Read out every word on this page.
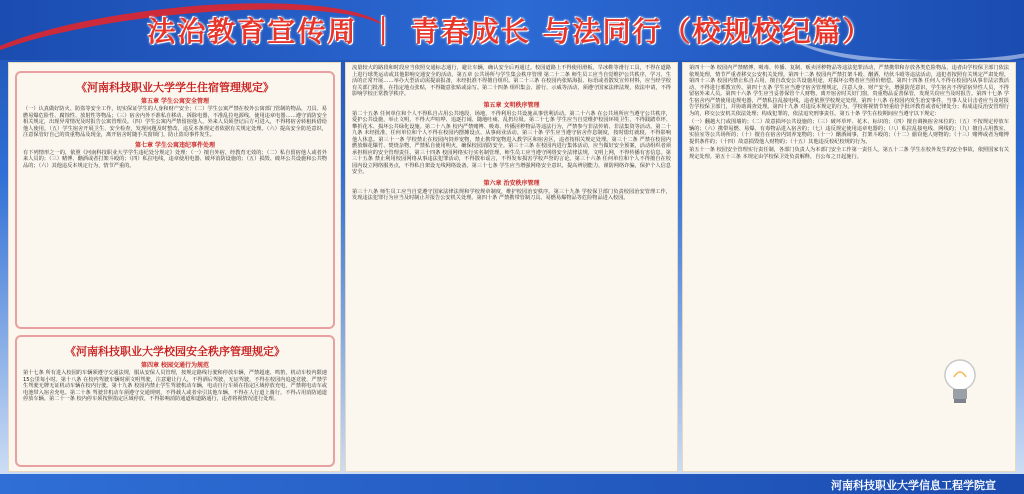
法治教育宣传周 ｜ 青春成长 与法同行（校规校纪篇）
《河南科技职业大学学生住宿管理规定》
第五章 学生公寓安全管理
（一）认真做好防火、防盗等安全工作，切实保证学生的人身和财产安全；（二）学生公寓严禁在校外公寓部门管制的物品，刀具、易燃易爆危险性、腐蚀性、放射性等物品；（三）宿舍内外不准私自移动、拆除电器，不准乱拉电源线，使用违章电器……遵守消防安全相关规定，出现异常情况及时报告公寓管理员。（四）学生公寓内严禁留宿他人，外来人员须登记后方可进入，不得将宿舍转租转借给他人使用。（五）学生宿舍开展卫生、安全检查，发现问题及时整改，违反本条规定者依据有关规定处理。（六）提高安全防范意识，注意保管好自己的贵重物品及现金，离开宿舍时随手关窗锁门，防止盗窃事件发生。
第七章 学生公寓违纪事件处理
有下列情形之一的，依照《河南科技职业大学学生违纪处分规定》处理：（一）擅自外宿，经教育无效的；（二）私自留宿他人或者外来人员的；（三）赌博、酗酒或者打架斗殴的；（四）私拉电线，违章使用电器、破坏消防设施的；（五）损毁、破坏公共设施和公共物品的；（六）其他违反本规定行为，情节严重的。
《河南科技职业大学校园安全秩序管理规定》
第四章 校园交通行为规范
第十七条 所有进入校园的车辆须遵守交通法规，服从安保人员管理，按规定路线行驶和停放车辆，严禁超速、鸣笛，机动车校内限速15公里每小时。第十八条 在校内驾驶车辆时须文明驾驶，注意避让行人，不得酒后驾驶、无证驾驶，不得在校园内追逐竞驶，严禁学生驾驶无牌无证机动车辆在校内行驶。第十九条 校园内禁止学生驾驶机动车辆，电动自行车须在指定区域停放充电，严禁将电动车或电池带入宿舍充电。第二十条 驾驶非机动车须遵守交通规则，不得载人或者牵引其他车辆，不得在人行道上骑行，不得占用消防通道停放车辆。第二十一条 校内停车须按照指定区域停放，不得影响消防通道和道路通行，违者将视情况进行处理。
流量较大的路段和时段应当依照交通标志通行，避让车辆，确认安全后再通过。校园道路上不得使用滑板、旱冰鞋等滑行工具，不得在道路上进行球类运动或其他影响交通安全的活动。第五章 公共场所与学生集会秩序管理 第二十二条 师生员工应当自觉维护公共秩序，学习、生活的正常开展……举办大型活动需提前报备，未经批准不得擅自组织。第二十三条 在校园内张贴海报、标语或者散发宣传材料，应当经学校有关部门批准，在指定地点张贴，不得随意张贴或涂写。第二十四条 组织集会、游行、示威等活动，须遵守国家法律法规，依法申请，不得影响学校正常教学秩序。
第五章 文明秩序管理
第二十五条 任何单位和个人不得私自占用公共地段、场地，不得利用公共设施从事营利活动。第二十六条 在公共场所应当遵守公共秩序，爱护公共设施，举止文明，不得大声喧哗、追逐打闹、随地吐痰、乱扔垃圾。第二十七条 学生应当自觉维护校园环境卫生，不得践踏草坪、攀折花木、损坏公共绿化设施。第二十八条 校内严禁赌博、吸毒、传播淫秽物品等违法行为，严禁参与非法传销、非法集资等活动。第二十九条 未经批准，任何单位和个人不得在校园内摆摊设点、从事商业活动。第三十条 学生应当遵守宿舍作息制度，按时熄灯就寝，不得影响他人休息。第三十一条 学校禁止在校园内饲养宠物，禁止携带宠物进入教学区和宿舍区，违者按相关规定处理。第三十二条 严禁在校园内燃放烟花爆竹、焚烧杂物，严禁私自使用明火，确保校园消防安全。第三十三条 在校园内进行集体活动，应当做好安全预案，活动组织者须承担相应的安全管理责任。第三十四条 校园网络实行实名制管理，师生员工应当遵守网络安全法律法规，文明上网，不得传播有害信息。第三十五条 禁止利用校园网络从事违法犯罪活动，不得散布谣言，不得发布损害学校声誉的言论。第三十六条 任何单位和个人不得擅自在校园内设立网络服务点，不得私自架设无线网络设备。第三十七条 学生应当增强网络安全意识，提高辨别能力，谨防网络诈骗，保护个人信息安全。
第六章 治安秩序管理
第三十八条 师生员工应当自觉遵守国家法律法规和学校规章制度，维护校园治安秩序。第三十九条 学校保卫部门负责校园治安管理工作，发现违法犯罪行为应当及时制止并报告公安机关处理。第四十条 严禁携带管制刀具、易燃易爆物品等危险物品进入校园。
第四十一条 校园内严禁赌博、吸毒、传播、复制、贩卖淫秽物品等违法犯罪活动，严禁携带和存放各类危险物品，违者由学校保卫部门依法依规处理，情节严重者移交公安机关处理。第四十二条 校园内严禁打架斗殴、酗酒、结伙斗殴等违法活动，违犯者按照有关规定严肃处理。第四十三条 校园内禁止私自占用、擅自改变公共设施用途，对损坏公物者应当照价赔偿。第四十四条 任何人不得在校园内从事非法宗教活动，不得进行邪教宣传。第四十五条 学生应当遵守宿舍管理规定，注意人身、财产安全，增强防范意识，学生宿舍不得留宿异性人员，不得留宿外来人员。第四十六条 学生应当妥善保管个人财物，离开宿舍时关好门窗，贵重物品妥善保管，发现失窃应当及时报告。第四十七条 学生宿舍内严禁使用违规电器，严禁私拉乱接电线，违者依照学校规定处理。第四十八条 在校园内发生治安事件，当事人及目击者应当及时报告学校保卫部门，并协助调查处理。第四十九条 对违反本规定的行为，学校将视情节轻重给予批评教育或者纪律处分；构成违反治安管理行为的，移交公安机关依法处理；构成犯罪的，依法追究刑事责任。第五十条 学生在校期间应当遵守以下规定：
（一）翻越大门或围墙的；（二）故意损坏公共设施的；（三）破坏草坪、花木、标识的；（四）擅自调换宿舍床位的；（五）不按规定停放车辆的；（六）携带易燃、易爆、有毒物品进入宿舍的；（七）违反规定使用违章电器的；（八）私拉乱接电线、网线的；（九）擅自占用教室、实验室等公共场所的；（十）擅自在宿舍内饲养宠物的；（十一）酗酒闹事，打架斗殴的；（十二）偷窃他人财物的；（十三）赌博或者为赌博提供条件的；（十四）故意损毁他人财物的；（十五）其他违反校纪校规的行为。
第五十一条 校园安全管理实行责任制，各部门负责人为本部门安全工作第一责任人。第五十二条 学生在校外发生的安全事故，依照国家有关规定处理。第五十三条 本规定由学校保卫处负责解释，自公布之日起施行。
河南科技职业大学信息工程学院宣
